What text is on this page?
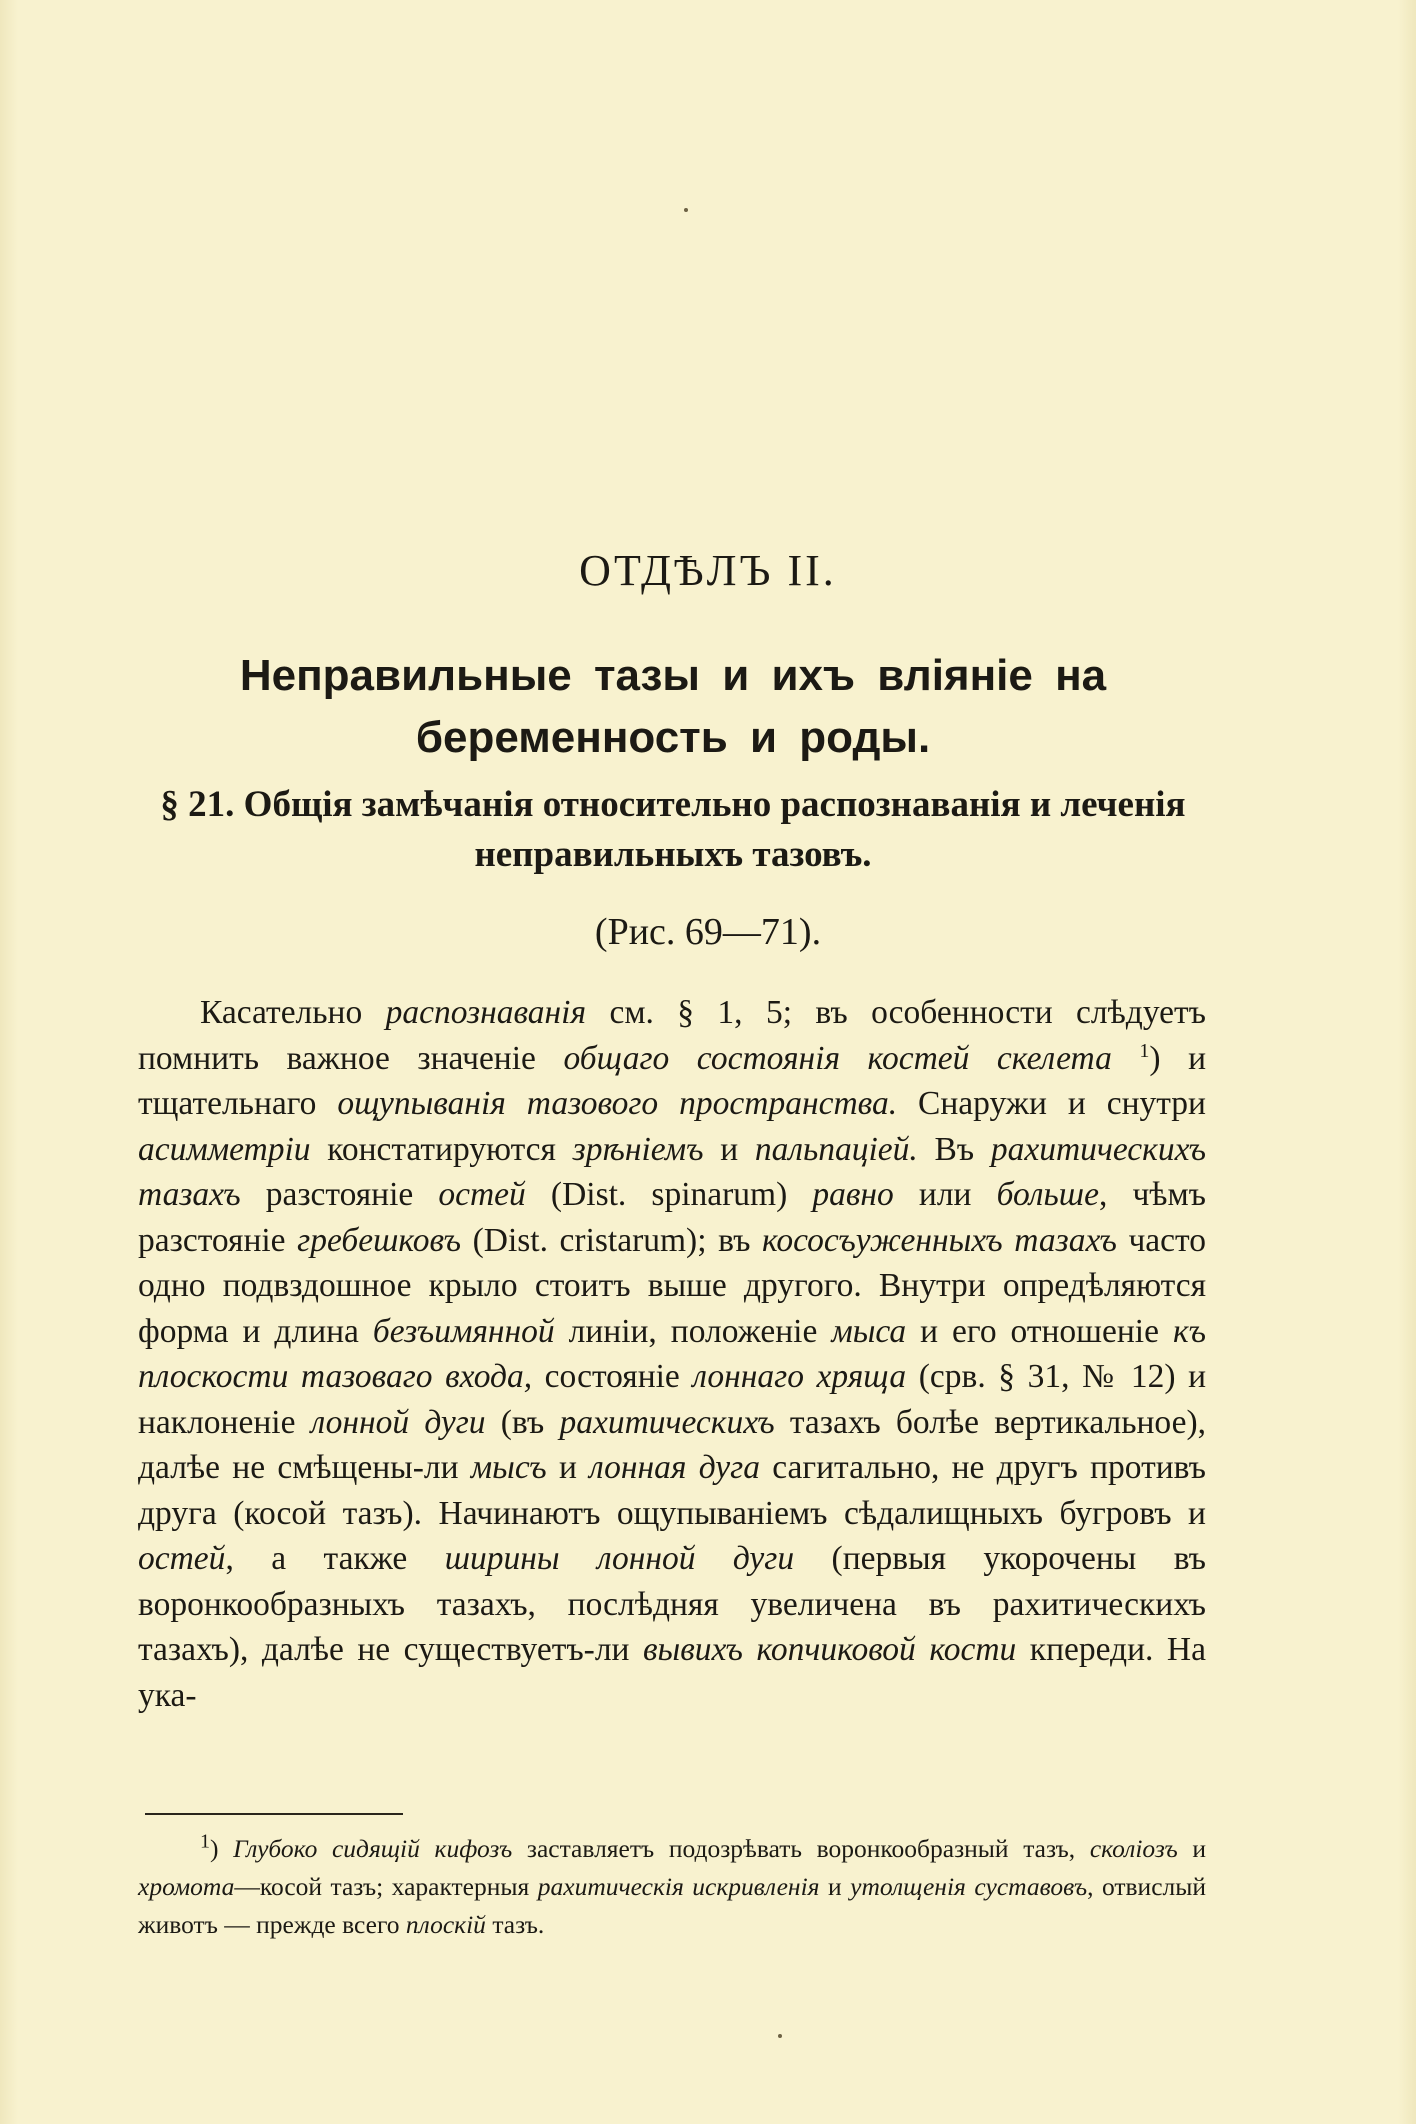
ОТДѢЛЪ II.
Неправильные тазы и ихъ вліяніе на беременность и роды.
§ 21. Общія замѣчанія относительно распознаванія и леченія неправильныхъ тазовъ.
(Рис. 69—71).
Касательно распознаванія см. § 1, 5; въ особенности слѣдуетъ помнить важное значеніе общаго состоянія костей скелета $^1$) и тщательнаго ощупыванія тазового пространства. Снаружи и снутри асимметріи констатируются зрѣніемъ и пальпаціей. Въ рахитическихъ тазахъ разстояніе остей (Dist. spinarum) равно или больше, чѣмъ разстояніе гребешковъ (Dist. cristarum); въ кососъуженныхъ тазахъ часто одно подвздошное крыло стоитъ выше другого. Внутри опредѣляются форма и длина безъимянной линіи, положеніе мыса и его отношеніе къ плоскости тазоваго входа, состояніе лоннаго хряща (срв. § 31, № 12) и наклоненіе лонной дуги (въ рахитическихъ тазахъ болѣе вертикальное), далѣе не смѣщены-ли мысъ и лонная дуга сагитально, не другъ противъ друга (косой тазъ). Начинаютъ ощупываніемъ сѣдалищныхъ бугровъ и остей, а также ширины лонной дуги (первыя укорочены въ воронкообразныхъ тазахъ, послѣдняя увеличена въ рахитическихъ тазахъ), далѣе не существуетъ-ли вывихъ копчиковой кости кпереди. На ука-
$^1$) Глубоко сидящій кифозъ заставляетъ подозрѣвать воронкообразный тазъ, сколіозъ и хромота—косой тазъ; характерныя рахитическія искривленія и утолщенія суставовъ, отвислый животъ — прежде всего плоскій тазъ.
